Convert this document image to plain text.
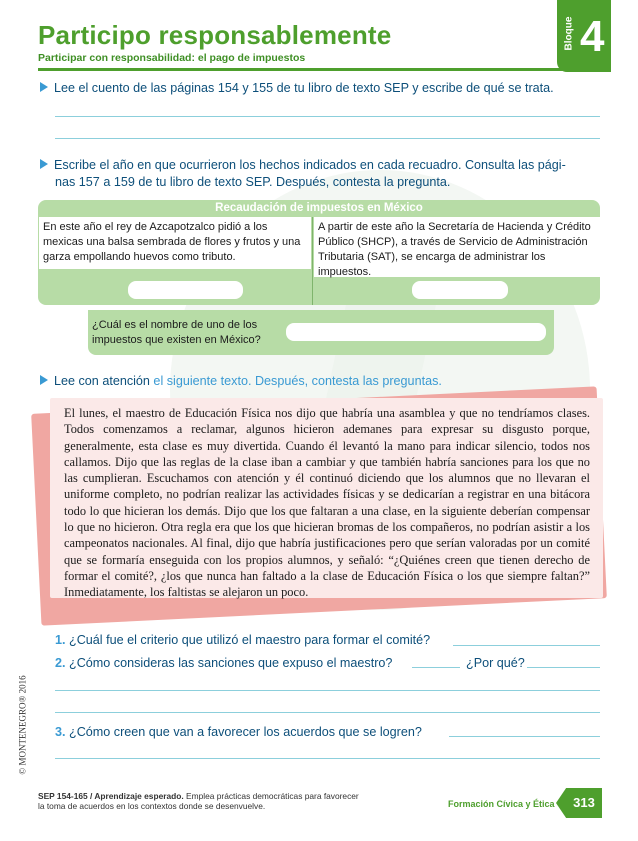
Participo responsablemente
Participar con responsabilidad: el pago de impuestos
Bloque 4
Lee el cuento de las páginas 154 y 155 de tu libro de texto SEP y escribe de qué se trata.
Escribe el año en que ocurrieron los hechos indicados en cada recuadro. Consulta las pági-
nas 157 a 159 de tu libro de texto SEP. Después, contesta la pregunta.
Recaudación de impuestos en México
En este año el rey de Azcapotzalco pidió a los mexicas una balsa sembrada de flores y frutos y una garza empollando huevos como tributo.
A partir de este año la Secretaría de Hacienda y Crédito Público (SHCP), a través de Servicio de Administración Tributaria (SAT), se encarga de administrar los impuestos.
¿Cuál es el nombre de uno de los impuestos que existen en México?
Lee con atención el siguiente texto. Después, contesta las preguntas.
El lunes, el maestro de Educación Física nos dijo que habría una asamblea y que no tendríamos clases. Todos comenzamos a reclamar, algunos hicieron ademanes para expresar su disgusto porque, generalmente, esta clase es muy divertida. Cuando él levantó la mano para indicar silencio, todos nos callamos. Dijo que las reglas de la clase iban a cambiar y que también habría sanciones para los que no las cumplieran. Escuchamos con atención y él continuó diciendo que los alumnos que no llevaran el uniforme completo, no podrían realizar las actividades físicas y se dedicarían a registrar en una bitácora todo lo que hicieran los demás. Dijo que los que faltaran a una clase, en la siguiente deberían compensar lo que no hicieron. Otra regla era que los que hicieran bromas de los compañeros, no podrían asistir a los campeonatos nacionales. Al final, dijo que habría justificaciones pero que serían valoradas por un comité que se formaría enseguida con los propios alumnos, y señaló: “¿Quiénes creen que tienen derecho de formar el comité?, ¿los que nunca han faltado a la clase de Educación Física o los que siempre faltan?” Inmediatamente, los faltistas se alejaron un poco.
1. ¿Cuál fue el criterio que utilizó el maestro para formar el comité?
2. ¿Cómo consideras las sanciones que expuso el maestro?	¿Por qué?
3. ¿Cómo creen que van a favorecer los acuerdos que se logren?
© MONTENEGRO® 2016
SEP 154-165 / Aprendizaje esperado. Emplea prácticas democráticas para favorecer
la toma de acuerdos en los contextos donde se desenvuelve.	Formación Cívica y Ética	313
